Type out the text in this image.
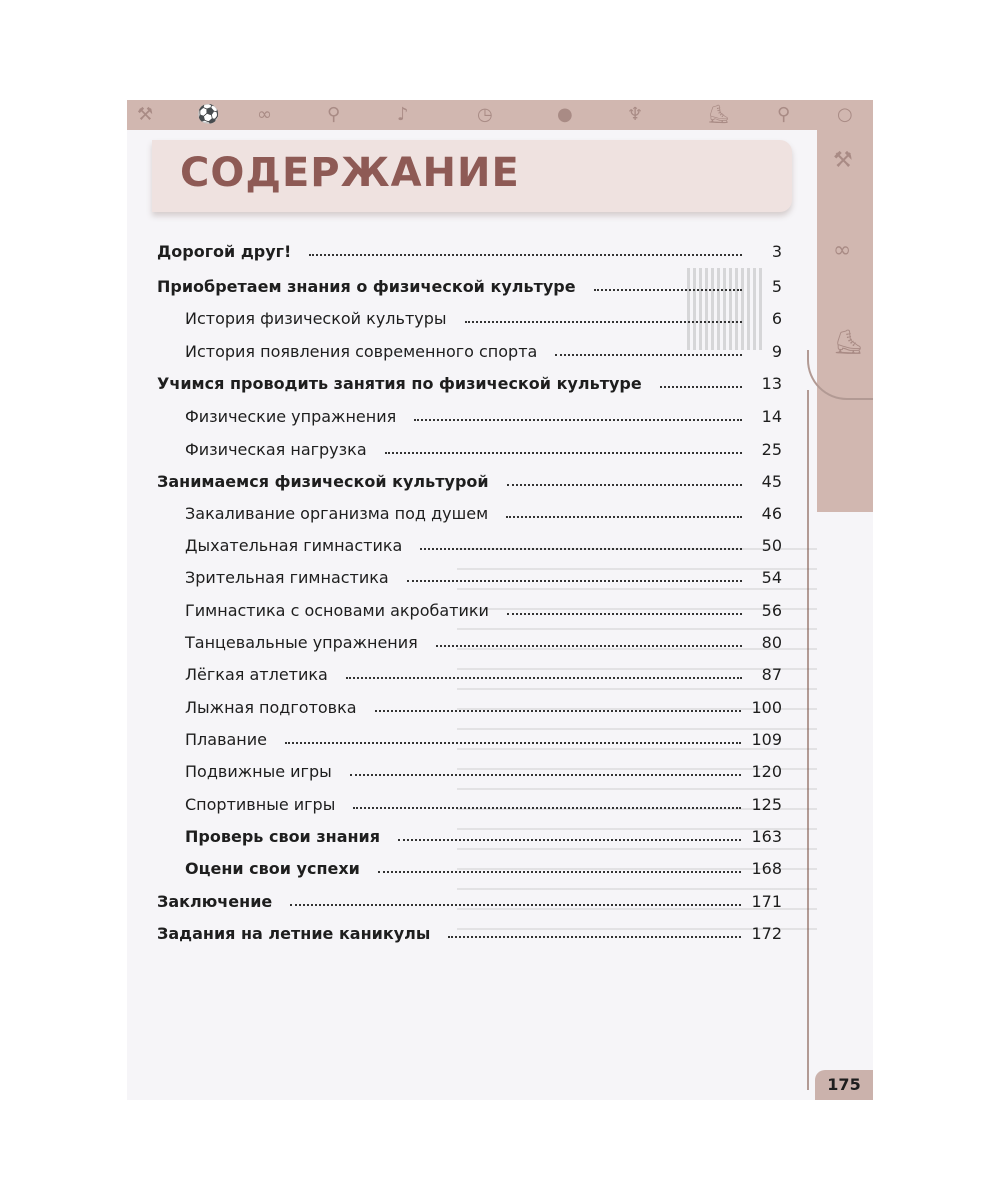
⚒ ⚽ ∞	⚲	♪	◷	●	♆	⛸	⚲	○
⚒
∞
⛸
СОДЕРЖАНИЕ
Дорогой друг!	3
Приобретаем знания о физической культуре	5
История физической культуры	6
История появления современного спорта	9
Учимся проводить занятия по физической культуре	13
Физические упражнения	14
Физическая нагрузка	25
Занимаемся физической культурой	45
Закаливание организма под душем	46
Дыхательная гимнастика	50
Зрительная гимнастика	54
Гимнастика с основами акробатики	56
Танцевальные упражнения	80
Лёгкая атлетика	87
Лыжная подготовка	100
Плавание	109
Подвижные игры	120
Спортивные игры	125
Проверь свои знания	163
Оцени свои успехи	168
Заключение	171
Задания на летние каникулы	172
175
